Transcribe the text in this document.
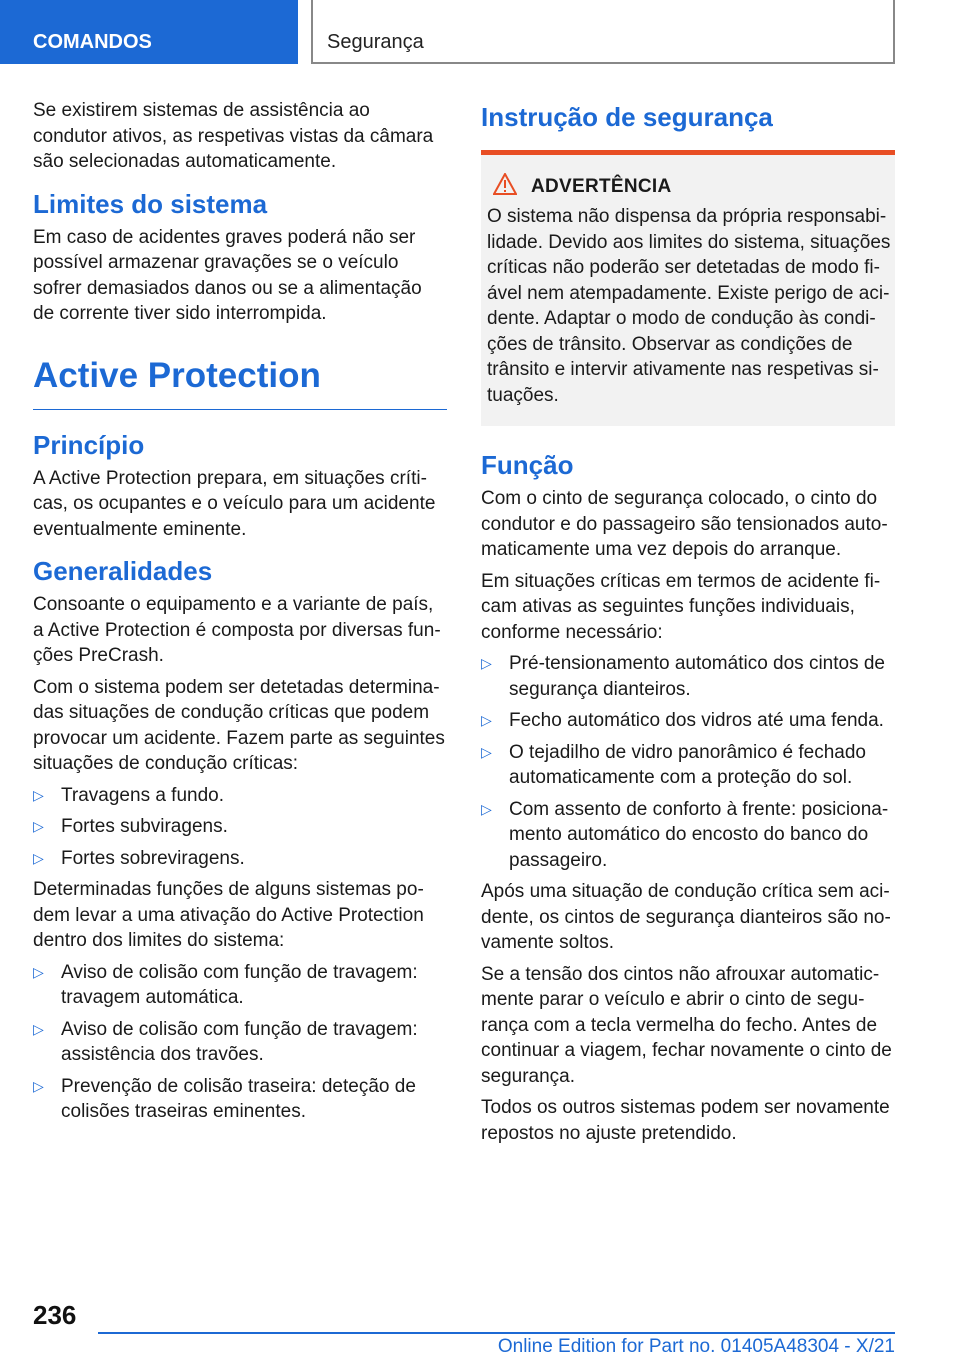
COMANDOS	Segurança

Se existirem sistemas de assistência ao condutor ativos, as respetivas vistas da câmara são selecionadas automaticamente.

Limites do sistema

Em caso de acidentes graves poderá não ser possível armazenar gravações se o veículo sofrer demasiados danos ou se a alimentação de corrente tiver sido interrompida.

Active Protection
Princípio

A Active Protection prepara, em situações críticas, os ocupantes e o veículo para um acidente eventualmente eminente.

Generalidades

Consoante o equipamento e a variante de país, a Active Protection é composta por diversas funções PreCrash.

Com o sistema podem ser detetadas determinadas situações de condução críticas que podem provocar um acidente. Fazem parte as seguintes situações de condução críticas:

▷ Travagens a fundo.
▷ Fortes subviragens.
▷ Fortes sobreviragens.

Determinadas funções de alguns sistemas podem levar a uma ativação do Active Protection dentro dos limites do sistema:

▷ Aviso de colisão com função de travagem: travagem automática.
▷ Aviso de colisão com função de travagem: assistência dos travões.
▷ Prevenção de colisão traseira: deteção de colisões traseiras eminentes.
Instrução de segurança
ADVERTÊNCIA

O sistema não dispensa da própria responsabilidade. Devido aos limites do sistema, situações críticas não poderão ser detetadas de modo fiável nem atempadamente. Existe perigo de acidente. Adaptar o modo de condução às condições de trânsito. Observar as condições de trânsito e intervir ativamente nas respetivas situações.

Função

Com o cinto de segurança colocado, o cinto do condutor e do passageiro são tensionados automaticamente uma vez depois do arranque.

Em situações críticas em termos de acidente ficam ativas as seguintes funções individuais, conforme necessário:

▷ Pré-tensionamento automático dos cintos de segurança dianteiros.
▷ Fecho automático dos vidros até uma fenda.
▷ O tejadilho de vidro panorâmico é fechado automaticamente com a proteção do sol.
▷ Com assento de conforto à frente: posicionamento automático do encosto do banco do passageiro.

Após uma situação de condução crítica sem acidente, os cintos de segurança dianteiros são novamente soltos.

Se a tensão dos cintos não afrouxar automaticmente parar o veículo e abrir o cinto de segurança com a tecla vermelha do fecho. Antes de continuar a viagem, fechar novamente o cinto de segurança.

Todos os outros sistemas podem ser novamente repostos no ajuste pretendido.

236
Online Edition for Part no. 01405A48304 - X/21
